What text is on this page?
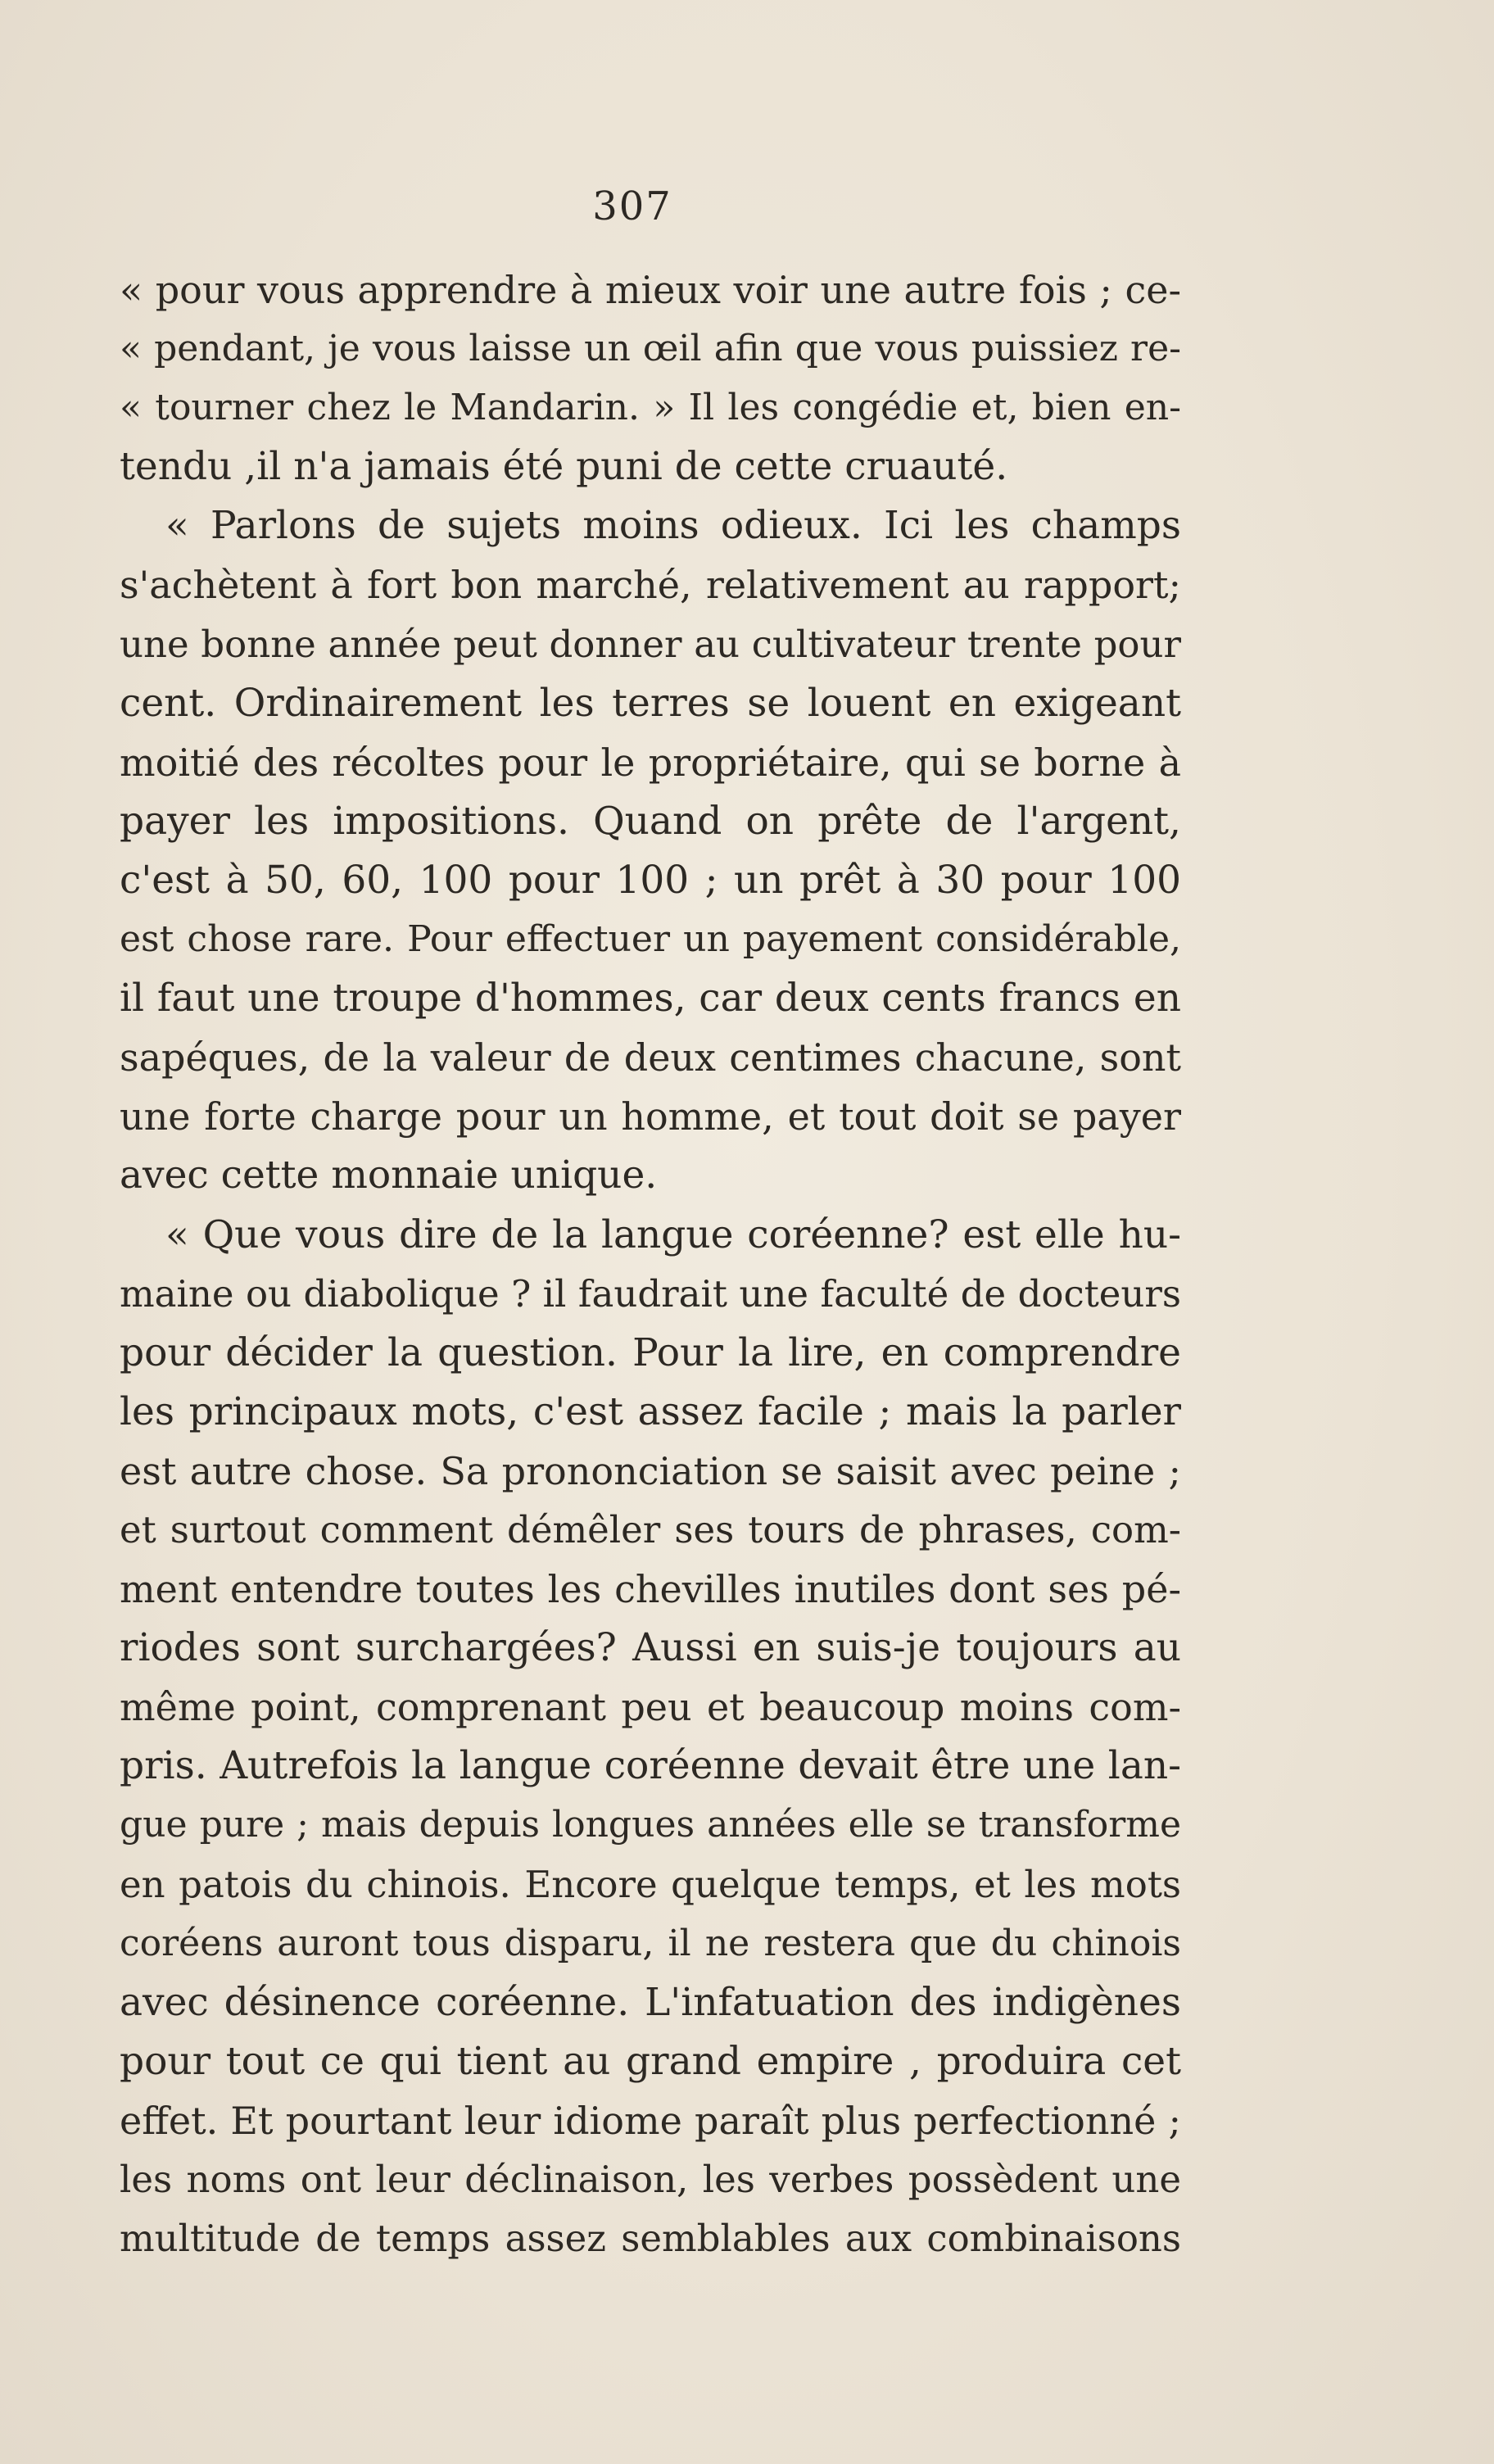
307
« pour vous apprendre à mieux voir une autre fois ; ce-
« pendant, je vous laisse un œil afin que vous puissiez re-
« tourner chez le Mandarin. » Il les congédie et, bien en-
tendu ,il n'a jamais été puni de cette cruauté.
« Parlons de sujets moins odieux. Ici les champs
s'achètent à fort bon marché, relativement au rapport;
une bonne année peut donner au cultivateur trente pour
cent. Ordinairement les terres se louent en exigeant
moitié des récoltes pour le propriétaire, qui se borne à
payer les impositions. Quand on prête de l'argent,
c'est à 50, 60, 100 pour 100 ; un prêt à 30 pour 100
est chose rare. Pour effectuer un payement considérable,
il faut une troupe d'hommes, car deux cents francs en
sapéques, de la valeur de deux centimes chacune, sont
une forte charge pour un homme, et tout doit se payer
avec cette monnaie unique.
« Que vous dire de la langue coréenne? est elle hu-
maine ou diabolique ? il faudrait une faculté de docteurs
pour décider la question. Pour la lire, en comprendre
les principaux mots, c'est assez facile ; mais la parler
est autre chose. Sa prononciation se saisit avec peine ;
et surtout comment démêler ses tours de phrases, com-
ment entendre toutes les chevilles inutiles dont ses pé-
riodes sont surchargées? Aussi en suis-je toujours au
même point, comprenant peu et beaucoup moins com-
pris. Autrefois la langue coréenne devait être une lan-
gue pure ; mais depuis longues années elle se transforme
en patois du chinois. Encore quelque temps, et les mots
coréens auront tous disparu, il ne restera que du chinois
avec désinence coréenne. L'infatuation des indigènes
pour tout ce qui tient au grand empire , produira cet
effet. Et pourtant leur idiome paraît plus perfectionné ;
les noms ont leur déclinaison, les verbes possèdent une
multitude de temps assez semblables aux combinaisons
